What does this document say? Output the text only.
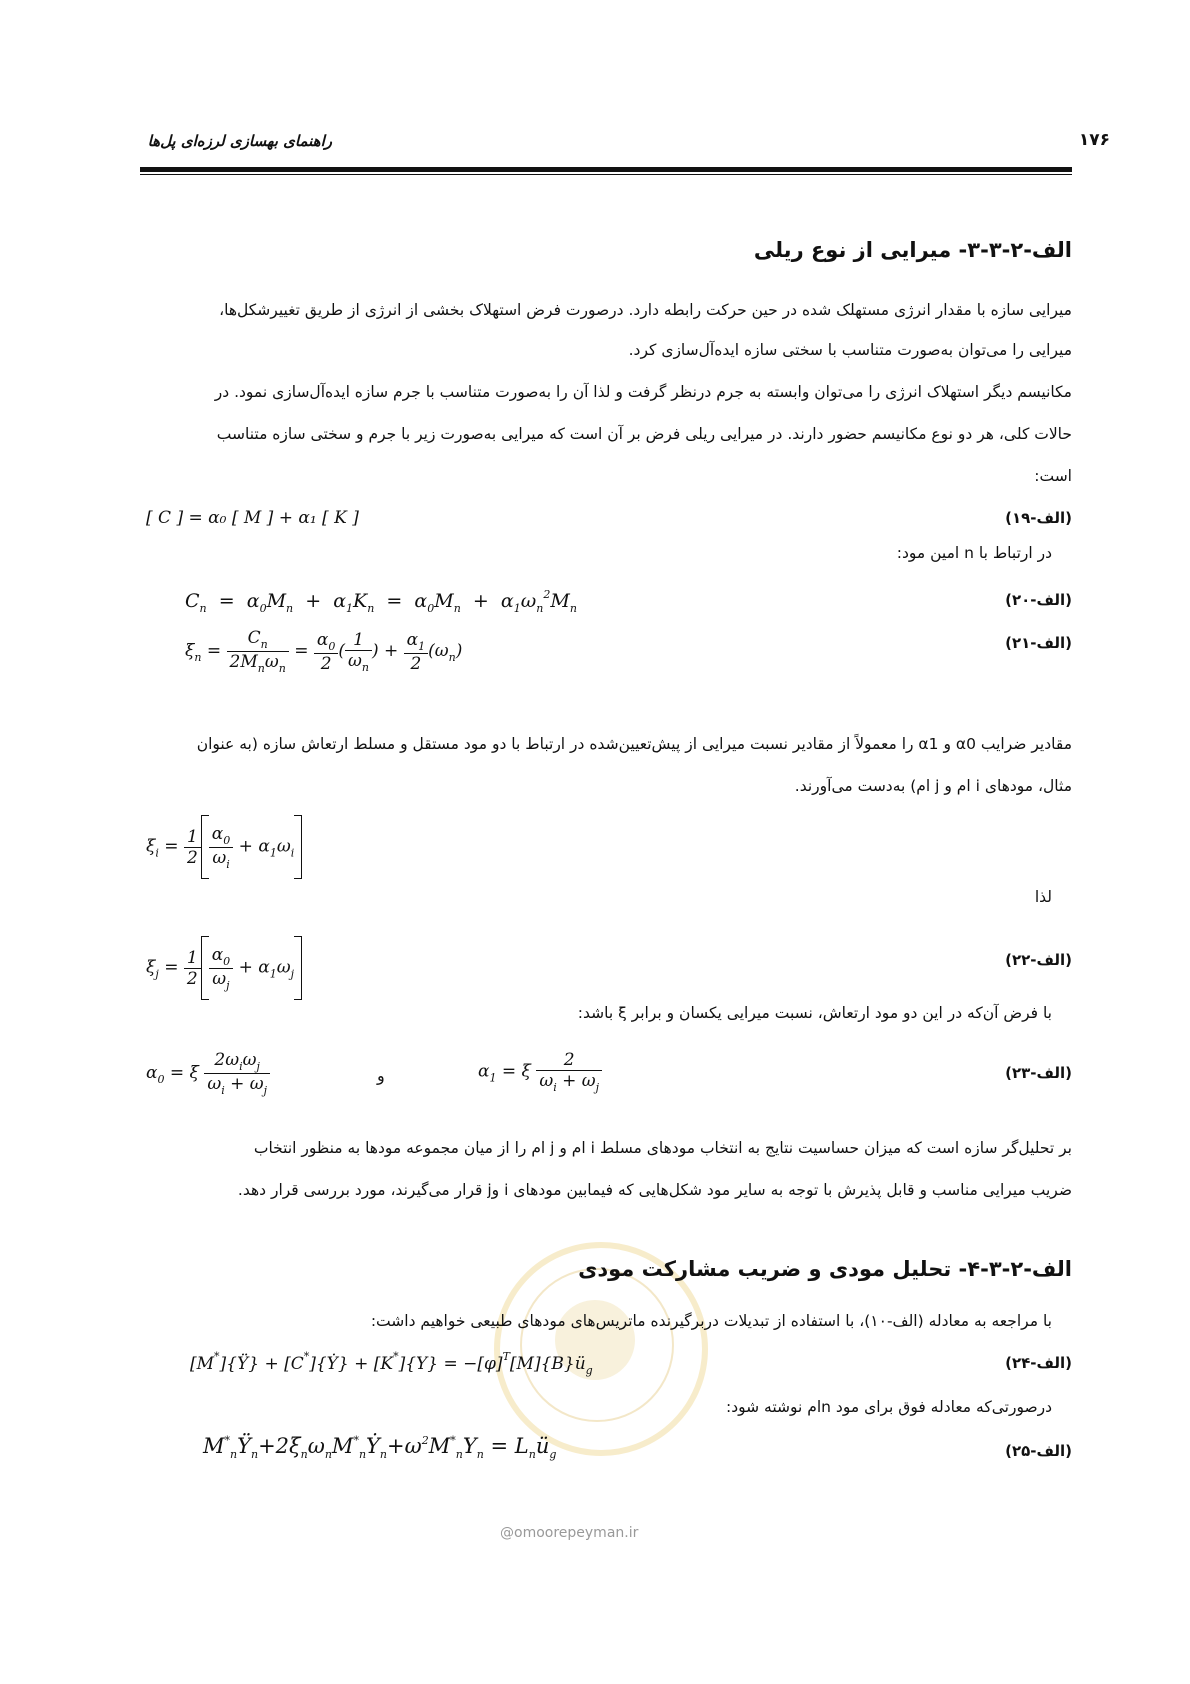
راهنمای بهسازی لرزه‌ای پل‌ها	۱۷۶
الف-۲-۳-۳- میرایی از نوع ریلی
میرایی سازه با مقدار انرژی مستهلک شده در حین حرکت رابطه دارد. درصورت فرض استهلاک بخشی از انرژی از طریق تغییرشکل‌ها،
میرایی را می‌توان به‌صورت متناسب با سختی سازه ایده‌آل‌سازی کرد.
مکانیسم دیگر استهلاک انرژی را می‌توان وابسته به جرم درنظر گرفت و لذا آن را به‌صورت متناسب با جرم سازه ایده‌آل‌سازی نمود. در
حالات کلی، هر دو نوع مکانیسم حضور دارند. در میرایی ریلی فرض بر آن است که میرایی به‌صورت زیر با جرم و سختی سازه متناسب
است:
(الف-۱۹)
[ C ] = α₀ [ M ] + α₁ [ K ]
در ارتباط با n امین مود:
(الف-۲۰)
$C_n = \alpha_0M_n + \alpha_1K_n = \alpha_0M_n + \alpha_1\omega_n^2M_n$
(الف-۲۱)
$\xi_n = \frac{C_n}{2M_n\omega_n} = \frac{\alpha_0}{2}$ ( $\frac{1}{\omega_n}$ ) + $\frac{\alpha_1}{2} (\omega_n)$
مقادیر ضرایب α0 و α1 را معمولاً از مقادیر نسبت میرایی از پیش‌تعیین‌شده در ارتباط با دو مود مستقل و مسلط ارتعاش سازه (به عنوان
مثال، مودهای i ام و j ام) به‌دست می‌آورند.
$\xi_i = \frac{1}{2} \frac{\alpha_0}{\omega_i} + \alpha_1\omega_i$
لذا
(الف-۲۲)
$\xi_j = \frac{1}{2} \frac{\alpha_0}{\omega_j} + \alpha_1\omega_j$
با فرض آن‌که در این دو مود ارتعاش، نسبت میرایی یکسان و برابر ξ باشد:
(الف-۲۳)
$\alpha_0 = \xi \frac{2\omega_i\omega_j}{\omega_i + \omega_j}$	و	$\alpha_1 = \xi \frac{2}{\omega_i + \omega_j}$
بر تحلیل‌گر سازه است که میزان حساسیت نتایج به انتخاب مودهای مسلط i ام و j ام را از میان مجموعه مودها به منظور انتخاب
ضریب میرایی مناسب و قابل پذیرش با توجه به سایر مود شکل‌هایی که فیمابین مودهای i وj قرار می‌گیرند، مورد بررسی قرار دهد.
الف-۲-۳-۴- تحلیل مودی و ضریب مشارکت مودی
با مراجعه به معادله (الف-۱۰)، با استفاده از تبدیلات دربرگیرنده ماتریس‌های مودهای طبیعی خواهیم داشت:
(الف-۲۴)
[M*]{Ÿ} + [C*]{Ẏ} + $[K^*]\{Y\} = -[\varphi]^T[M]\{B\}ü_g$
درصورتی‌که معادله فوق برای مود nام نوشته شود:
(الف-۲۵)
$M^*_nŸ_n+2\xi_n\omega_nM^*_nẎ_n+\omega^2M^*_nY_n$ = $L_nü_g$
@omoorepeyman.ir
